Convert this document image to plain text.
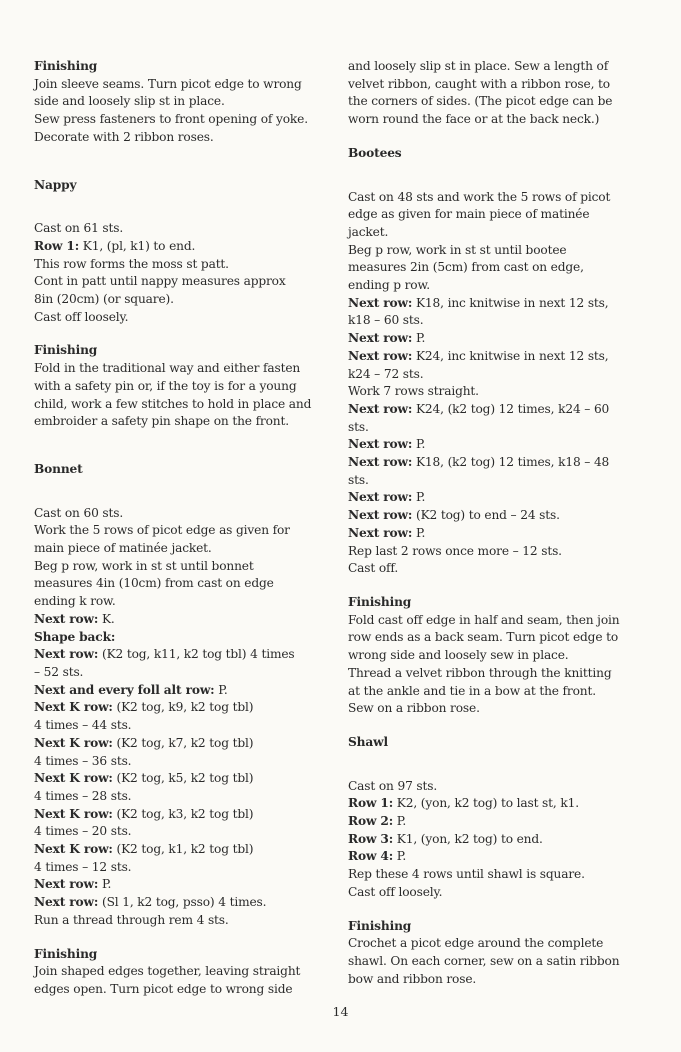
Finishing

Join sleeve seams. Turn picot edge to wrong

side and loosely slip st in place.

Sew press fasteners to front opening of yoke.

Decorate with 2 ribbon roses.

Nappy

Cast on 61 sts.

Row 1: K1, (pl, k1) to end.

This row forms the moss st patt.

Cont in patt until nappy measures approx

8in (20cm) (or square).

Cast off loosely.

Finishing

Fold in the traditional way and either fasten

with a safety pin or, if the toy is for a young

child, work a few stitches to hold in place and

embroider a safety pin shape on the front.

Bonnet

Cast on 60 sts.

Work the 5 rows of picot edge as given for

main piece of matinée jacket.

Beg p row, work in st st until bonnet

measures 4in (10cm) from cast on edge

ending k row.

Next row: K.

Shape back:

Next row: (K2 tog, k11, k2 tog tbl) 4 times

– 52 sts.

Next and every foll alt row: P.

Next K row: (K2 tog, k9, k2 tog tbl)

4 times – 44 sts.

Next K row: (K2 tog, k7, k2 tog tbl)

4 times – 36 sts.

Next K row: (K2 tog, k5, k2 tog tbl)

4 times – 28 sts.

Next K row: (K2 tog, k3, k2 tog tbl)

4 times – 20 sts.

Next K row: (K2 tog, k1, k2 tog tbl)

4 times – 12 sts.

Next row: P.

Next row: (Sl 1, k2 tog, psso) 4 times.

Run a thread through rem 4 sts.

Finishing

Join shaped edges together, leaving straight

edges open. Turn picot edge to wrong side

and loosely slip st in place. Sew a length of

velvet ribbon, caught with a ribbon rose, to

the corners of sides. (The picot edge can be

worn round the face or at the back neck.)

Bootees

Cast on 48 sts and work the 5 rows of picot

edge as given for main piece of matinée

jacket.

Beg p row, work in st st until bootee

measures 2in (5cm) from cast on edge,

ending p row.

Next row: K18, inc knitwise in next 12 sts,

k18 – 60 sts.

Next row: P.

Next row: K24, inc knitwise in next 12 sts,

k24 – 72 sts.

Work 7 rows straight.

Next row: K24, (k2 tog) 12 times, k24 – 60

sts.

Next row: P.

Next row: K18, (k2 tog) 12 times, k18 – 48

sts.

Next row: P.

Next row: (K2 tog) to end – 24 sts.

Next row: P.

Rep last 2 rows once more – 12 sts.

Cast off.

Finishing

Fold cast off edge in half and seam, then join

row ends as a back seam. Turn picot edge to

wrong side and loosely sew in place.

Thread a velvet ribbon through the knitting

at the ankle and tie in a bow at the front.

Sew on a ribbon rose.

Shawl

Cast on 97 sts.

Row 1: K2, (yon, k2 tog) to last st, k1.

Row 2: P.

Row 3: K1, (yon, k2 tog) to end.

Row 4: P.

Rep these 4 rows until shawl is square.

Cast off loosely.

Finishing

Crochet a picot edge around the complete

shawl. On each corner, sew on a satin ribbon

bow and ribbon rose.

14
